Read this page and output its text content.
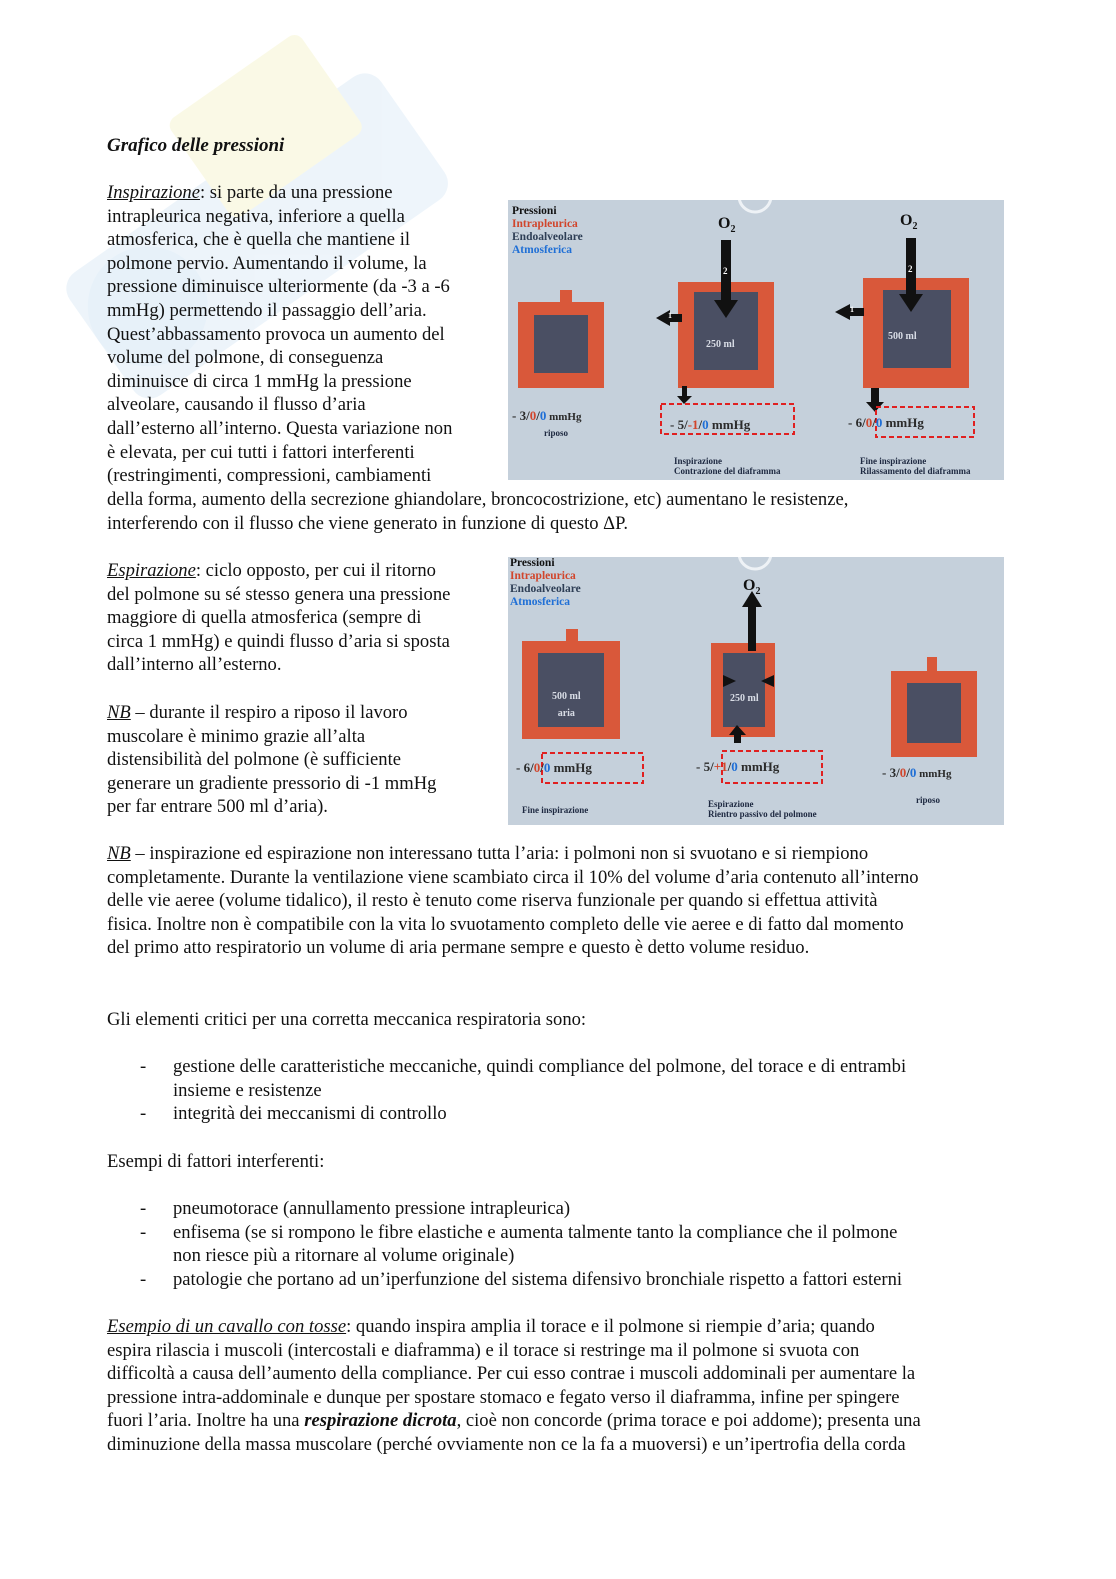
Grafico delle pressioni

Inspirazione: si parte da una pressione

intrapleurica negativa, inferiore a quella

atmosferica, che è quella che mantiene il

polmone pervio. Aumentando il volume, la

pressione diminuisce ulteriormente (da -3 a -6

mmHg) permettendo il passaggio dell’aria.

Quest’abbassamento provoca un aumento del

volume del polmone, di conseguenza

diminuisce di circa 1 mmHg la pressione

alveolare, causando il flusso d’aria

dall’esterno all’interno. Questa variazione non

è elevata, per cui tutti i fattori interferenti

(restringimenti, compressioni, cambiamenti

della forma, aumento della secrezione ghiandolare, broncocostrizione, etc) aumentano le resistenze,

interferendo con il flusso che viene generato in funzione di questo ΔP.

Espirazione: ciclo opposto, per cui il ritorno

del polmone su sé stesso genera una pressione

maggiore di quella atmosferica (sempre di

circa 1 mmHg) e quindi flusso d’aria si sposta

dall’interno all’esterno.

NB – durante il respiro a riposo il lavoro

muscolare è minimo grazie all’alta

distensibilità del polmone (è sufficiente

generare un gradiente pressorio di -1 mmHg

per far entrare 500 ml d’aria).

NB – inspirazione ed espirazione non interessano tutta l’aria: i polmoni non si svuotano e si riempiono

completamente. Durante la ventilazione viene scambiato circa il 10% del volume d’aria contenuto all’interno

delle vie aeree (volume tidalico), il resto è tenuto come riserva funzionale per quando si effettua attività

fisica. Inoltre non è compatibile con la vita lo svuotamento completo delle vie aeree e di fatto dal momento

del primo atto respiratorio un volume di aria permane sempre e questo è detto volume residuo.

Gli elementi critici per una corretta meccanica respiratoria sono:
- gestione delle caratteristiche meccaniche, quindi compliance del polmone, del torace e di entrambi
insieme e resistenze
- integrità dei meccanismi di controllo
Esempi di fattori interferenti:
- pneumotorace (annullamento pressione intrapleurica)
- enfisema (se si rompono le fibre elastiche e aumenta talmente tanto la compliance che il polmone
non riesce più a ritornare al volume originale)
- patologie che portano ad un’iperfunzione del sistema difensivo bronchiale rispetto a fattori esterni

Esempio di un cavallo con tosse: quando inspira amplia il torace e il polmone si riempie d’aria; quando

espira rilascia i muscoli (intercostali e diaframma) e il torace si restringe ma il polmone si svuota con

difficoltà a causa dell’aumento della compliance. Per cui esso contrae i muscoli addominali per aumentare la

pressione intra-addominale e dunque per spostare stomaco e fegato verso il diaframma, infine per spingere

fuori l’aria. Inoltre ha una respirazione dicrota, cioè non concorde (prima torace e poi addome); presenta una

diminuzione della massa muscolare (perché ovviamente non ce la fa a muoversi) e un’ipertrofia della corda

Pressioni
Intrapleurica
Endoalveolare
Atmosferica
$O_2$
$O_2$
250 ml
500 ml
2	2
1
1
- 3/0/0 mmHg
riposo
- 5/-1/0 mmHg	- 6/0/0 mmHg
Inspirazione
Contrazione del diaframma
Fine inspirazione
Rilassamento del diaframma
Pressioni
Intrapleurica
Endoalveolare
Atmosferica
$O_2$
500 ml
aria
250 ml
- 6/0/0 mmHg	- 5/+1/0 mmHg	- 3/0/0 mmHg
Fine inspirazione
Espirazione
Rientro passivo del polmone
riposo
